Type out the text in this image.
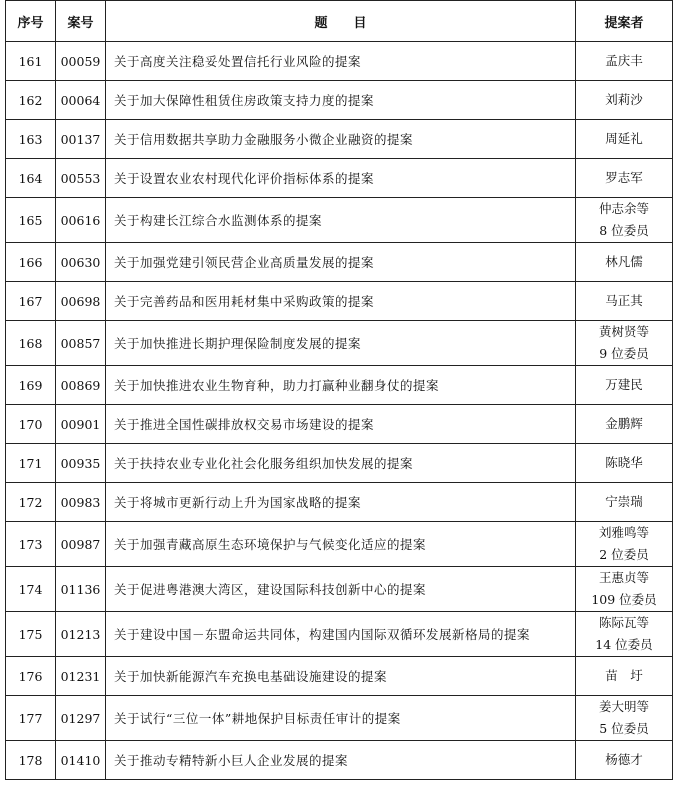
序号	案号	题　　目	提案者
161	00059	关于高度关注稳妥处置信托行业风险的提案	孟庆丰

162	00064	关于加大保障性租赁住房政策支持力度的提案	刘莉沙

163	00137	关于信用数据共享助力金融服务小微企业融资的提案	周延礼

164	00553	关于设置农业农村现代化评价指标体系的提案	罗志军

165	00616	关于构建长江综合水监测体系的提案	仲志余等
8 位委员

166	00630	关于加强党建引领民营企业高质量发展的提案	林凡儒

167	00698	关于完善药品和医用耗材集中采购政策的提案	马正其

168	00857	关于加快推进长期护理保险制度发展的提案	黄树贤等
9 位委员

169	00869	关于加快推进农业生物育种，助力打赢种业翻身仗的提案	万建民

170	00901	关于推进全国性碳排放权交易市场建设的提案	金鹏辉

171	00935	关于扶持农业专业化社会化服务组织加快发展的提案	陈晓华

172	00983	关于将城市更新行动上升为国家战略的提案	宁崇瑞

173	00987	关于加强青藏高原生态环境保护与气候变化适应的提案	刘雅鸣等
2 位委员

174	01136	关于促进粤港澳大湾区，建设国际科技创新中心的提案	王惠贞等
109 位委员

175	01213	关于建设中国－东盟命运共同体，构建国内国际双循环发展新格局的提案	陈际瓦等
14 位委员

176	01231	关于加快新能源汽车充换电基础设施建设的提案	苗　圩

177	01297	关于试行“三位一体”耕地保护目标责任审计的提案	姜大明等
5 位委员

178	01410	关于推动专精特新小巨人企业发展的提案	杨德才
